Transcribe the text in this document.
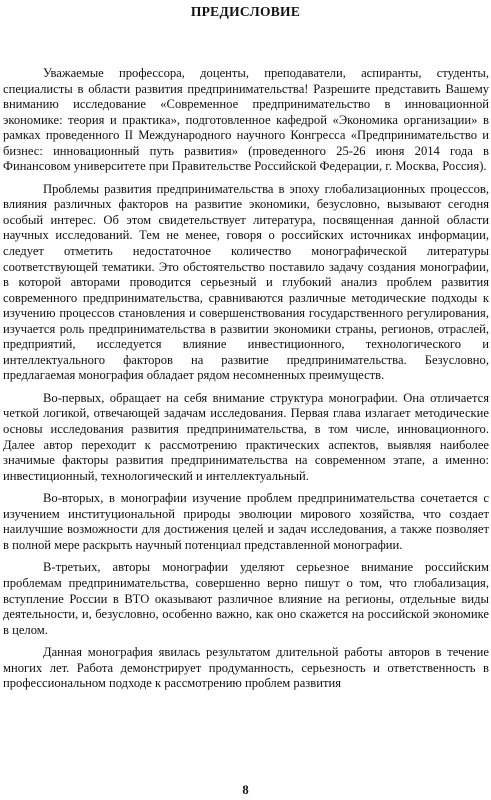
ПРЕДИСЛОВИЕ

Уважаемые профессора, доценты, преподаватели, аспиранты, студенты, специалисты в области развития предпринимательства! Разрешите представить Вашему вниманию исследование «Современное предпринимательство в инновационной экономике: теория и практика», подготовленное кафедрой «Экономика организации» в рамках проведенного II Международного научного Конгресса «Предпринимательство и бизнес: инновационный путь развития» (проведенного 25-26 июня 2014 года в Финансовом университете при Правительстве Российской Федерации, г. Москва, Россия).

Проблемы развития предпринимательства в эпоху глобализационных процессов, влияния различных факторов на развитие экономики, безусловно, вызывают сегодня особый интерес. Об этом свидетельствует литература, посвященная данной области научных исследований. Тем не менее, говоря о российских источниках информации, следует отметить недостаточное количество монографической литературы соответствующей тематики. Это обстоятельство поставило задачу создания монографии, в которой авторами проводится серьезный и глубокий анализ проблем развития современного предпринимательства, сравниваются различные методические подходы к изучению процессов становления и совершенствования государственного регулирования, изучается роль предпринимательства в развитии экономики страны, регионов, отраслей, предприятий, исследуется влияние инвестиционного, технологического и интеллектуального факторов на развитие предпринимательства. Безусловно, предлагаемая монография обладает рядом несомненных преимуществ.

Во-первых, обращает на себя внимание структура монографии. Она отличается четкой логикой, отвечающей задачам исследования. Первая глава излагает методические основы исследования развития предпринимательства, в том числе, инновационного. Далее автор переходит к рассмотрению практических аспектов, выявляя наиболее значимые факторы развития предпринимательства на современном этапе, а именно: инвестиционный, технологический и интеллектуальный.

Во-вторых, в монографии изучение проблем предпринимательства сочетается с изучением институциональной природы эволюции мирового хозяйства, что создает наилучшие возможности для достижения целей и задач исследования, а также позволяет в полной мере раскрыть научный потенциал представленной монографии.

В-третьих, авторы монографии уделяют серьезное внимание российским проблемам предпринимательства, совершенно верно пишут о том, что глобализация, вступление России в ВТО оказывают различное влияние на регионы, отдельные виды деятельности, и, безусловно, особенно важно, как оно скажется на российской экономике в целом.

Данная монография явилась результатом длительной работы авторов в течение многих лет. Работа демонстрирует продуманность, серьезность и ответственность в профессиональном подходе к рассмотрению проблем развития

8
